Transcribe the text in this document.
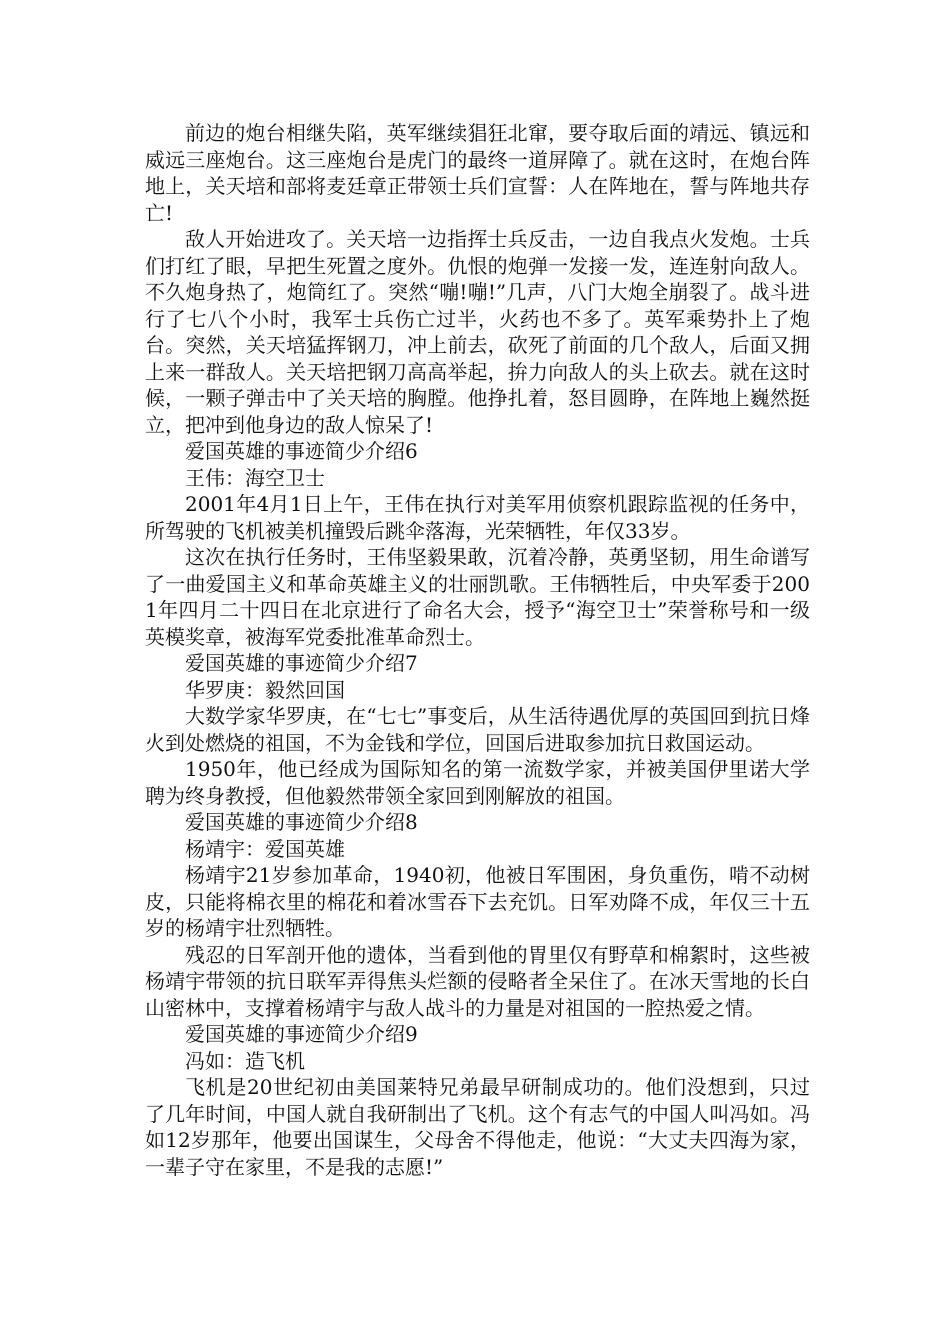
前边的炮台相继失陷，英军继续猖狂北窜，要夺取后面的靖远、镇远和威远三座炮台。这三座炮台是虎门的最终一道屏障了。就在这时，在炮台阵地上，关天培和部将麦廷章正带领士兵们宣誓：人在阵地在，誓与阵地共存亡!

敌人开始进攻了。关天培一边指挥士兵反击，一边自我点火发炮。士兵们打红了眼，早把生死置之度外。仇恨的炮弹一发接一发，连连射向敌人。不久炮身热了，炮筒红了。突然“嘣!嘣!”几声，八门大炮全崩裂了。战斗进行了七八个小时，我军士兵伤亡过半，火药也不多了。英军乘势扑上了炮台。突然，关天培猛挥钢刀，冲上前去，砍死了前面的几个敌人，后面又拥上来一群敌人。关天培把钢刀高高举起，拚力向敌人的头上砍去。就在这时候，一颗子弹击中了关天培的胸膛。他挣扎着，怒目圆睁，在阵地上巍然挺立，把冲到他身边的敌人惊呆了!

爱国英雄的事迹简少介绍6

王伟：海空卫士

2001年4月1日上午，王伟在执行对美军用侦察机跟踪监视的任务中，所驾驶的飞机被美机撞毁后跳伞落海，光荣牺牲，年仅33岁。

这次在执行任务时，王伟坚毅果敢，沉着冷静，英勇坚韧，用生命谱写了一曲爱国主义和革命英雄主义的壮丽凯歌。王伟牺牲后，中央军委于2001年四月二十四日在北京进行了命名大会，授予“海空卫士”荣誉称号和一级英模奖章，被海军党委批准革命烈士。

爱国英雄的事迹简少介绍7

华罗庚：毅然回国

大数学家华罗庚，在“七七”事变后，从生活待遇优厚的英国回到抗日烽火到处燃烧的祖国，不为金钱和学位，回国后进取参加抗日救国运动。

1950年，他已经成为国际知名的第一流数学家，并被美国伊里诺大学聘为终身教授，但他毅然带领全家回到刚解放的祖国。

爱国英雄的事迹简少介绍8

杨靖宇：爱国英雄

杨靖宇21岁参加革命，1940初，他被日军围困，身负重伤，啃不动树皮，只能将棉衣里的棉花和着冰雪吞下去充饥。日军劝降不成，年仅三十五岁的杨靖宇壮烈牺牲。

残忍的日军剖开他的遗体，当看到他的胃里仅有野草和棉絮时，这些被杨靖宇带领的抗日联军弄得焦头烂额的侵略者全呆住了。在冰天雪地的长白山密林中，支撑着杨靖宇与敌人战斗的力量是对祖国的一腔热爱之情。

爱国英雄的事迹简少介绍9

冯如：造飞机

飞机是20世纪初由美国莱特兄弟最早研制成功的。他们没想到，只过了几年时间，中国人就自我研制出了飞机。这个有志气的中国人叫冯如。冯如12岁那年，他要出国谋生，父母舍不得他走，他说：“大丈夫四海为家，一辈子守在家里，不是我的志愿!”
